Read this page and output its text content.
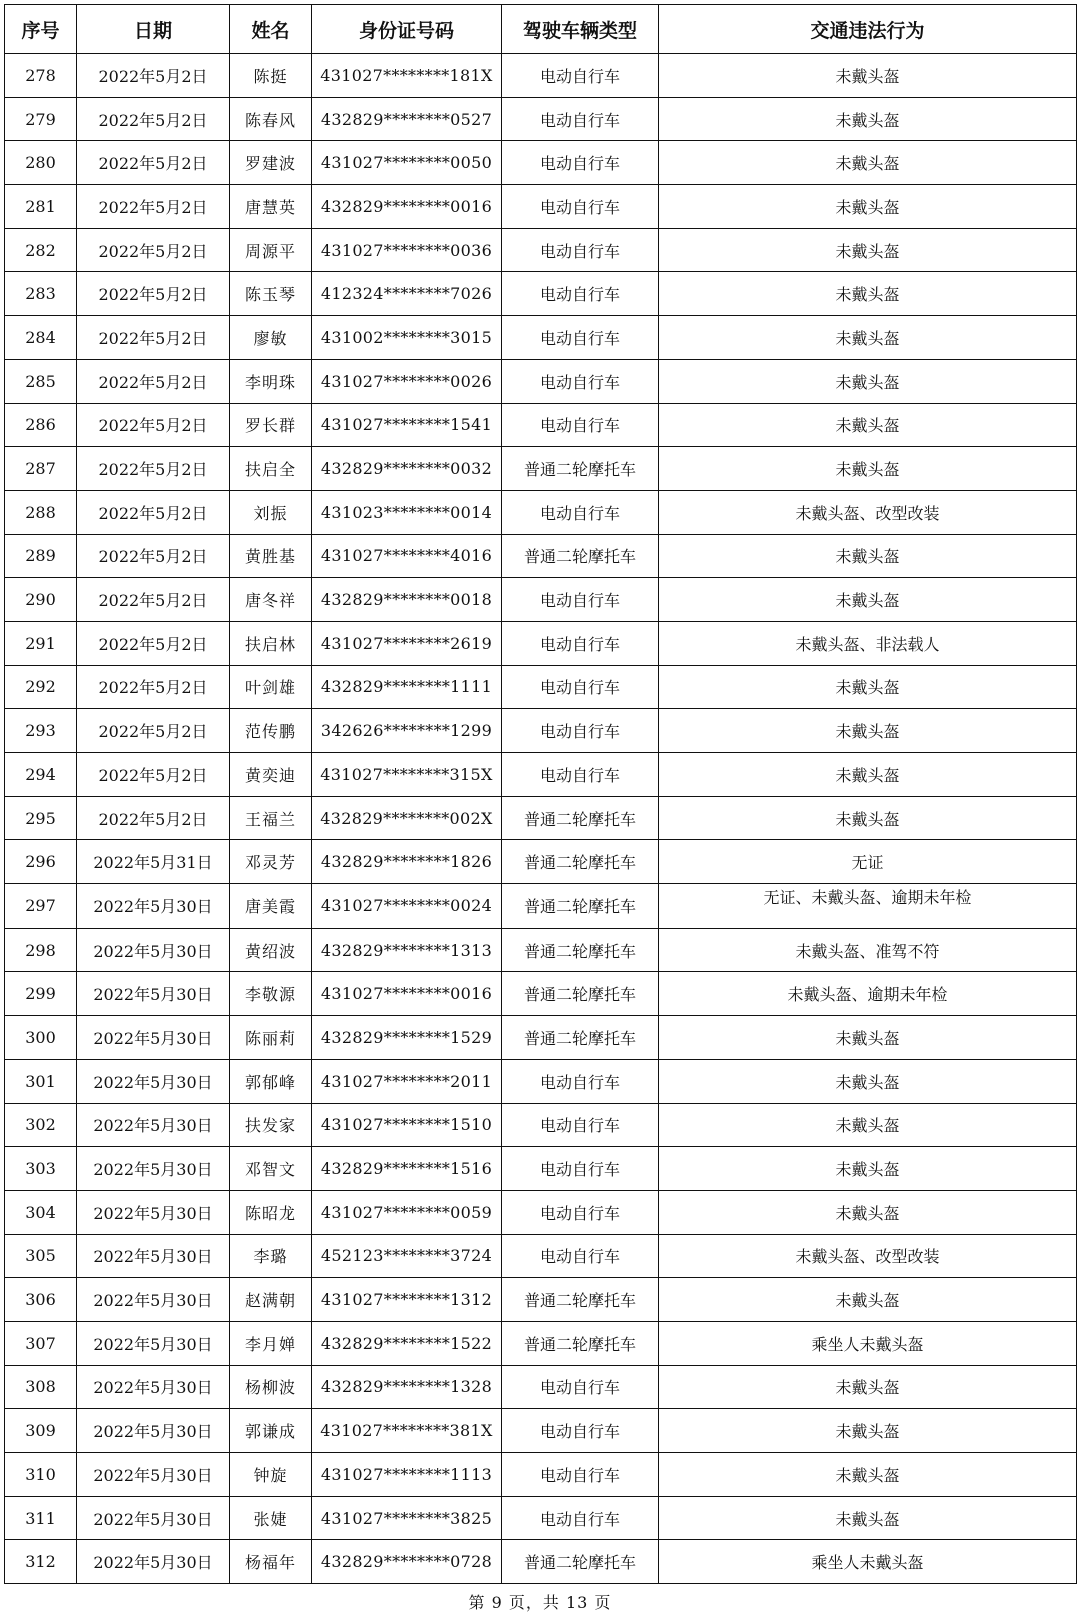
序号	日期	姓名	身份证号码	驾驶车辆类型	交通违法行为
278	2022年5月2日	陈挺	431027********181X	电动自行车	未戴头盔
279	2022年5月2日	陈春风	432829********0527	电动自行车	未戴头盔
280	2022年5月2日	罗建波	431027********0050	电动自行车	未戴头盔
281	2022年5月2日	唐慧英	432829********0016	电动自行车	未戴头盔
282	2022年5月2日	周源平	431027********0036	电动自行车	未戴头盔
283	2022年5月2日	陈玉琴	412324********7026	电动自行车	未戴头盔
284	2022年5月2日	廖敏	431002********3015	电动自行车	未戴头盔
285	2022年5月2日	李明珠	431027********0026	电动自行车	未戴头盔
286	2022年5月2日	罗长群	431027********1541	电动自行车	未戴头盔
287	2022年5月2日	扶启全	432829********0032	普通二轮摩托车	未戴头盔
288	2022年5月2日	刘振	431023********0014	电动自行车	未戴头盔、改型改装
289	2022年5月2日	黄胜基	431027********4016	普通二轮摩托车	未戴头盔
290	2022年5月2日	唐冬祥	432829********0018	电动自行车	未戴头盔
291	2022年5月2日	扶启林	431027********2619	电动自行车	未戴头盔、非法载人
292	2022年5月2日	叶剑雄	432829********1111	电动自行车	未戴头盔
293	2022年5月2日	范传鹏	342626********1299	电动自行车	未戴头盔
294	2022年5月2日	黄奕迪	431027********315X	电动自行车	未戴头盔
295	2022年5月2日	王福兰	432829********002X	普通二轮摩托车	未戴头盔
296	2022年5月31日	邓灵芳	432829********1826	普通二轮摩托车	无证
297	2022年5月30日	唐美霞	431027********0024	普通二轮摩托车	无证、未戴头盔、逾期未年检
298	2022年5月30日	黄绍波	432829********1313	普通二轮摩托车	未戴头盔、准驾不符
299	2022年5月30日	李敬源	431027********0016	普通二轮摩托车	未戴头盔、逾期未年检
300	2022年5月30日	陈丽莉	432829********1529	普通二轮摩托车	未戴头盔
301	2022年5月30日	郭郁峰	431027********2011	电动自行车	未戴头盔
302	2022年5月30日	扶发家	431027********1510	电动自行车	未戴头盔
303	2022年5月30日	邓智文	432829********1516	电动自行车	未戴头盔
304	2022年5月30日	陈昭龙	431027********0059	电动自行车	未戴头盔
305	2022年5月30日	李璐	452123********3724	电动自行车	未戴头盔、改型改装
306	2022年5月30日	赵满朝	431027********1312	普通二轮摩托车	未戴头盔
307	2022年5月30日	李月婵	432829********1522	普通二轮摩托车	乘坐人未戴头盔
308	2022年5月30日	杨柳波	432829********1328	电动自行车	未戴头盔
309	2022年5月30日	郭谦成	431027********381X	电动自行车	未戴头盔
310	2022年5月30日	钟旋	431027********1113	电动自行车	未戴头盔
311	2022年5月30日	张婕	431027********3825	电动自行车	未戴头盔
312	2022年5月30日	杨福年	432829********0728	普通二轮摩托车	乘坐人未戴头盔
第 9 页，共 13 页
